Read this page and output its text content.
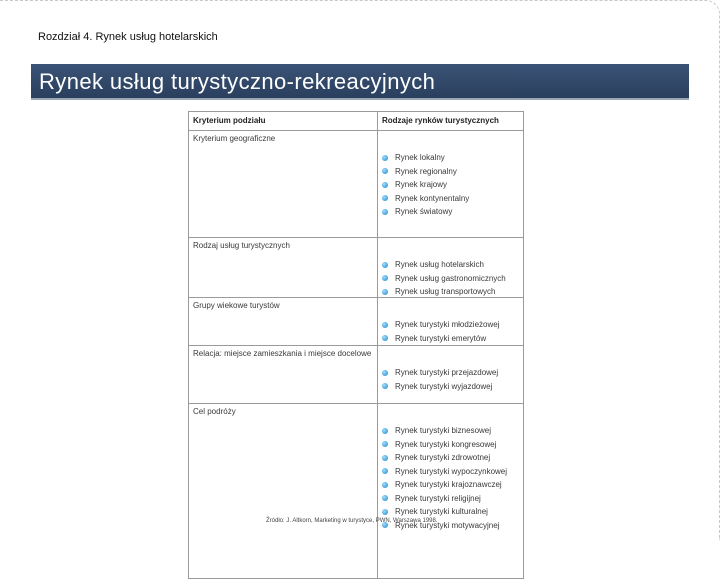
Rozdział 4. Rynek usług hotelarskich
Rynek usług turystyczno-rekreacyjnych
Kryterium podziału	Rodzaje rynków turystycznych
Kryterium geograficzne
Rynek lokalny
Rynek regionalny
Rynek krajowy
Rynek kontynentalny
Rynek światowy
Rodzaj usług turystycznych
Rynek usług hotelarskich
Rynek usług gastronomicznych
Rynek usług transportowych
Grupy wiekowe turystów
Rynek turystyki młodzieżowej
Rynek turystyki emerytów
Relacja: miejsce zamieszkania i miejsce docelowe
Rynek turystyki przejazdowej
Rynek turystyki wyjazdowej
Cel podróży
Rynek turystyki biznesowej
Rynek turystyki kongresowej
Rynek turystyki zdrowotnej
Rynek turystyki wypoczynkowej
Rynek turystyki krajoznawczej
Rynek turystyki religijnej
Rynek turystyki kulturalnej
Rynek turystyki motywacyjnej
Źródło: J. Altkorn, Marketing w turystyce, PWN, Warszawa 1998.
